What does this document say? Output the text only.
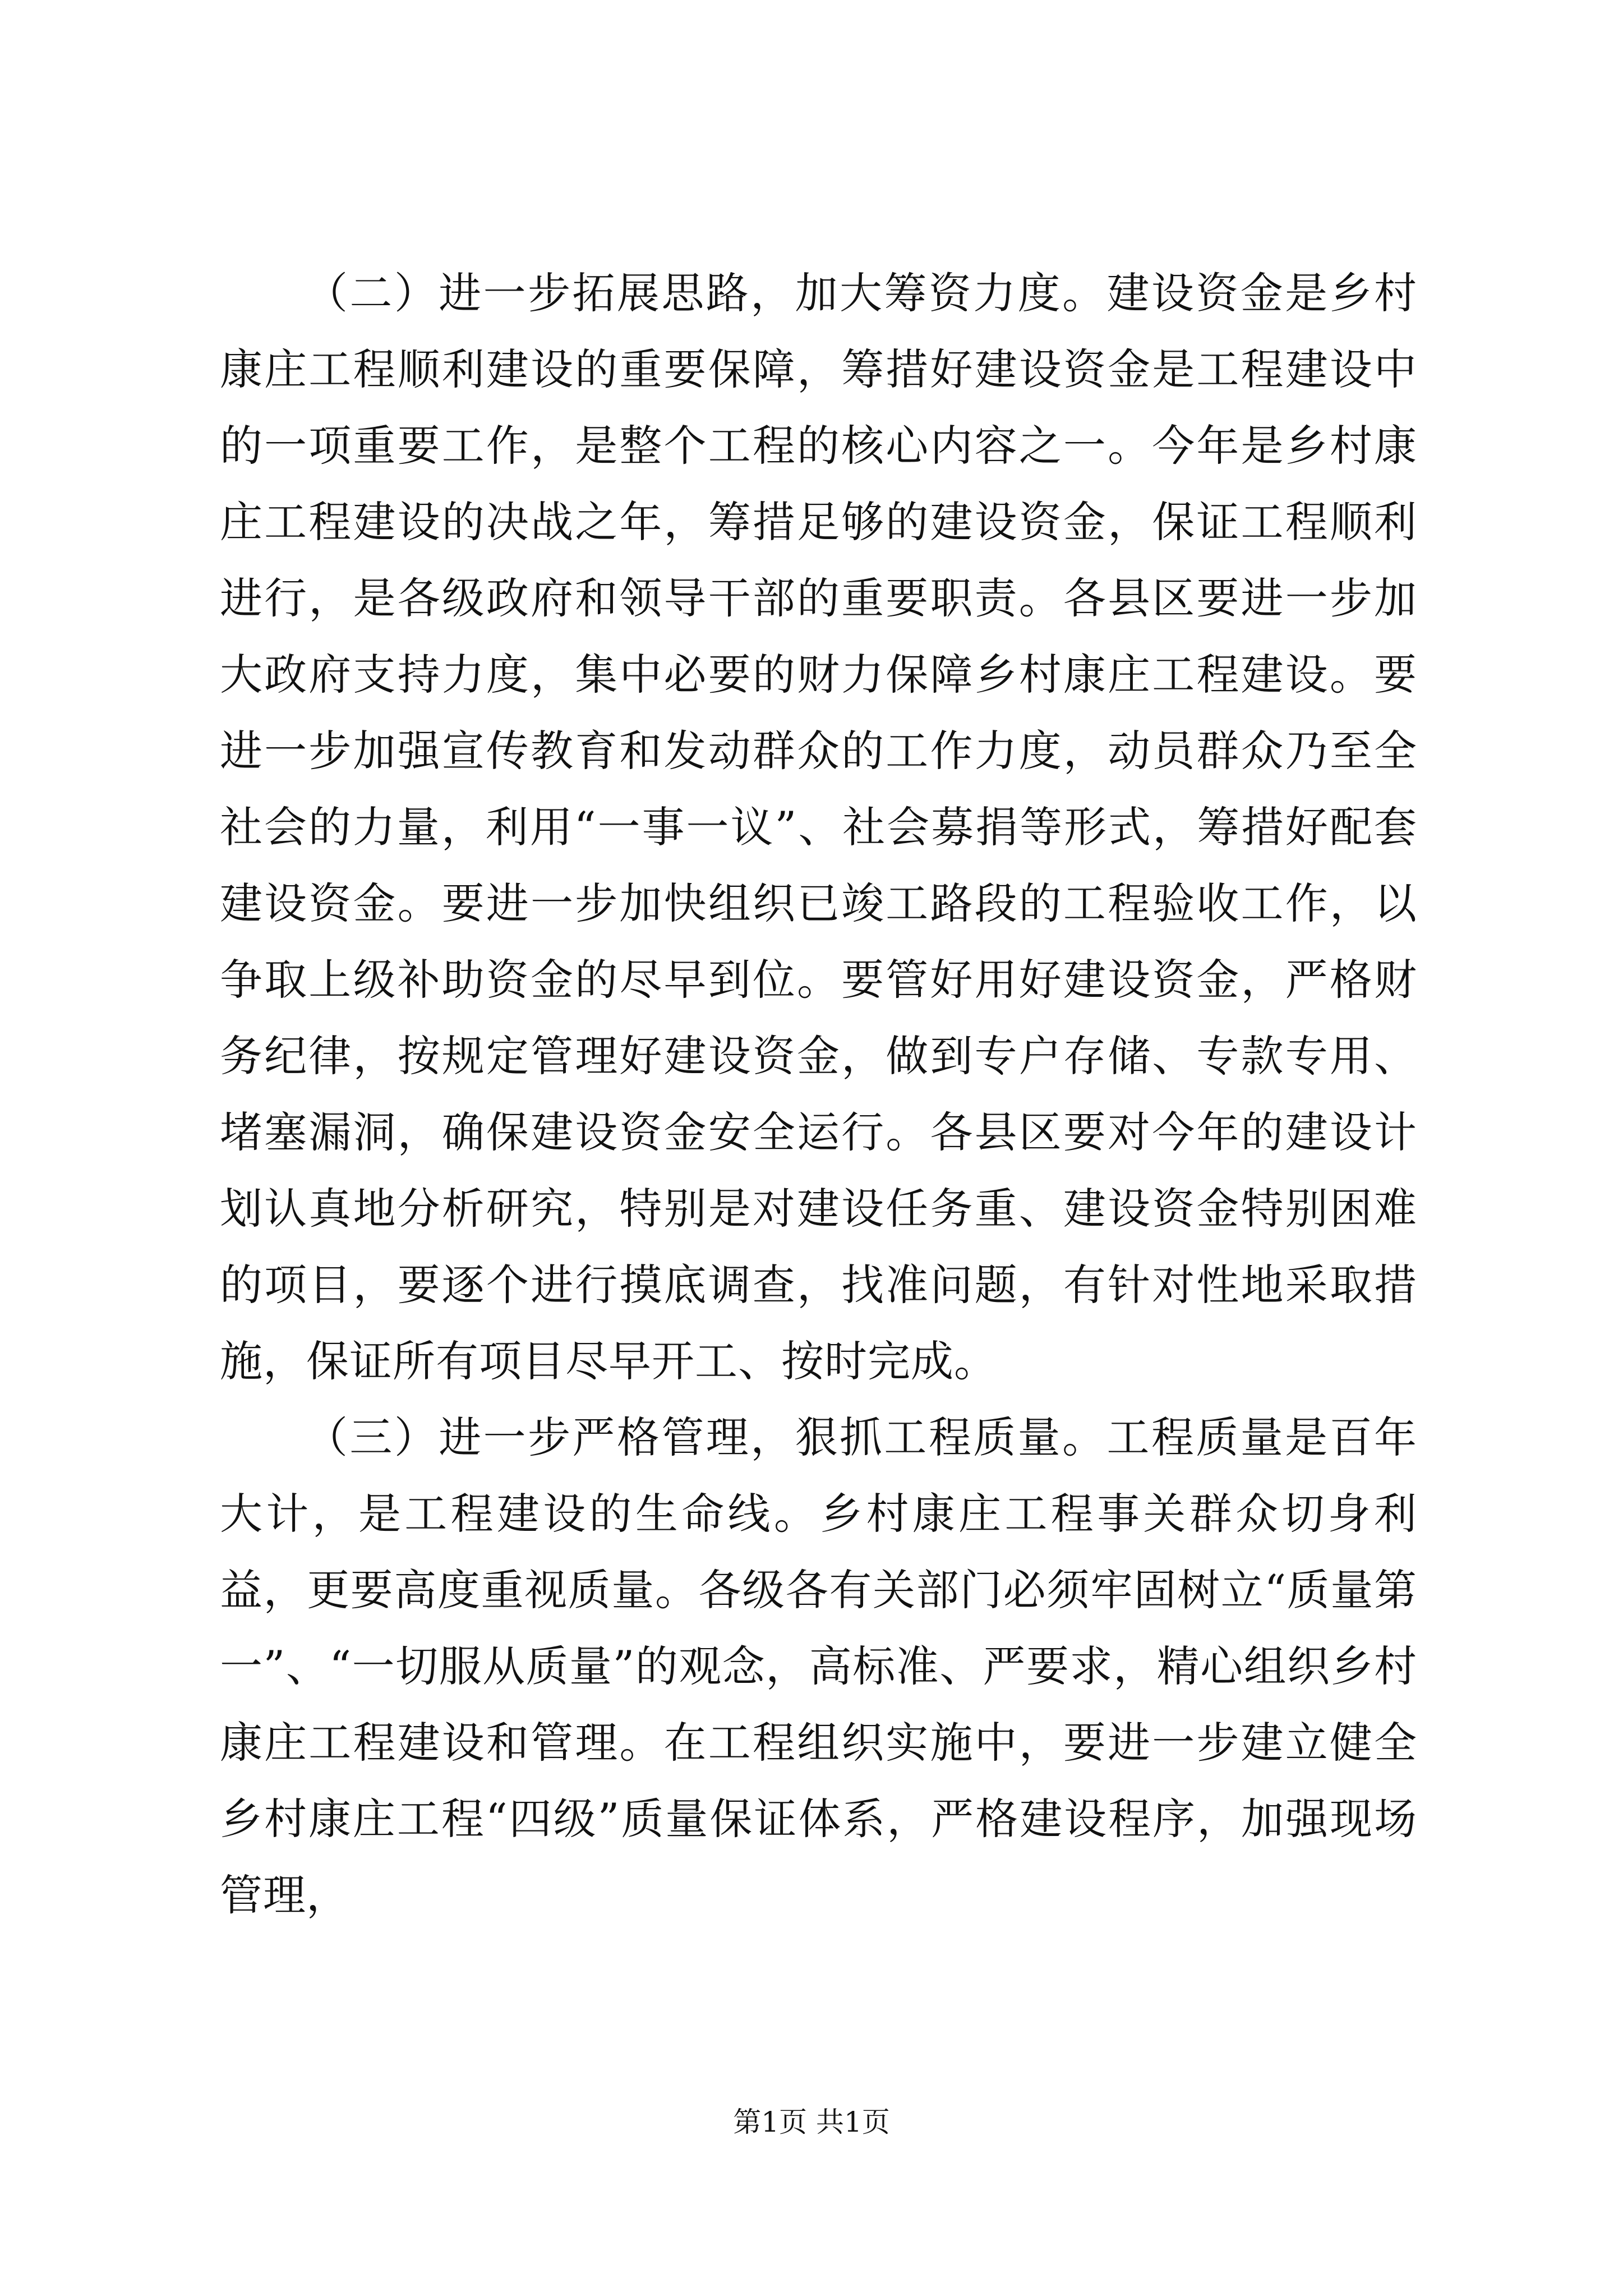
（二）进一步拓展思路，加大筹资力度。建设资金是乡村康庄工程顺利建设的重要保障，筹措好建设资金是工程建设中的一项重要工作，是整个工程的核心内容之一。今年是乡村康庄工程建设的决战之年，筹措足够的建设资金，保证工程顺利进行，是各级政府和领导干部的重要职责。各县区要进一步加大政府支持力度，集中必要的财力保障乡村康庄工程建设。要进一步加强宣传教育和发动群众的工作力度，动员群众乃至全社会的力量，利用“一事一议”、社会募捐等形式，筹措好配套建设资金。要进一步加快组织已竣工路段的工程验收工作，以争取上级补助资金的尽早到位。要管好用好建设资金，严格财务纪律，按规定管理好建设资金，做到专户存储、专款专用、堵塞漏洞，确保建设资金安全运行。各县区要对今年的建设计划认真地分析研究，特别是对建设任务重、建设资金特别困难的项目，要逐个进行摸底调查，找准问题，有针对性地采取措施，保证所有项目尽早开工、按时完成。

（三）进一步严格管理，狠抓工程质量。工程质量是百年大计，是工程建设的生命线。乡村康庄工程事关群众切身利益，更要高度重视质量。各级各有关部门必须牢固树立“质量第一”、“一切服从质量”的观念，高标准、严要求，精心组织乡村康庄工程建设和管理。在工程组织实施中，要进一步建立健全乡村康庄工程“四级”质量保证体系，严格建设程序，加强现场管理，

第1页 共1页
